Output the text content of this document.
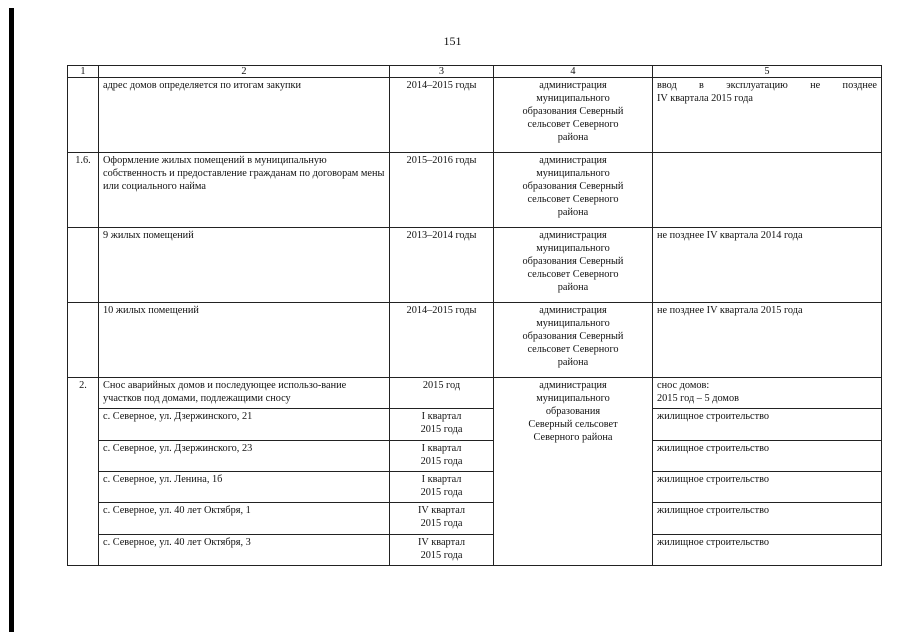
151
1	2	3	4	5
	адрес домов определяется по итогам закупки	2014–2015 годы	администрация
муниципального
образования Северный
сельсовет Северного
района	ввод в эксплуатацию не позднее
IV квартала 2015 года

1.6.	Оформление жилых помещений в муниципальную собственность и предоставление гражданам по договорам мены или социального найма	2015–2016 годы	администрация
муниципального
образования Северный
сельсовет Северного
района	

	9 жилых помещений	2013–2014 годы	администрация
муниципального
образования Северный
сельсовет Северного
района	не позднее IV квартала 2014 года
	10 жилых помещений	2014–2015 годы	администрация
муниципального
образования Северный
сельсовет Северного
района	не позднее IV квартала 2015 года
2.	Снос аварийных домов и последующее использо-вание участков под домами, подлежащими сносу	2015 год	администрация
муниципального
образования
Северный сельсовет
Северного района	снос домов:
2015 год – 5 домов

	с. Северное, ул. Дзержинского, 21	I квартал
2015 года		жилищное строительство
	с. Северное, ул. Дзержинского, 23	I квартал
2015 года		жилищное строительство
	с. Северное, ул. Ленина, 1б	I квартал
2015 года		жилищное строительство
	с. Северное, ул. 40 лет Октября, 1	IV квартал
2015 года		жилищное строительство
	с. Северное, ул. 40 лет Октября, 3	IV квартал
2015 года		жилищное строительство
